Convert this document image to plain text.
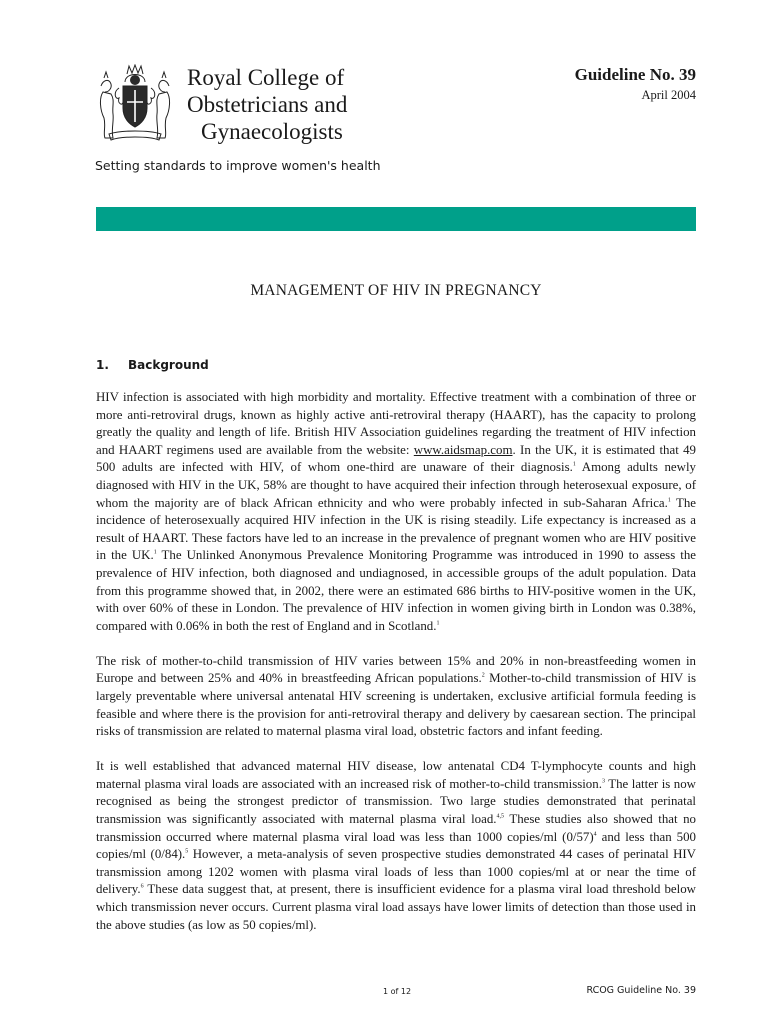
Royal College of
Obstetricians and
Gynaecologists
Setting standards to improve women's health
Guideline No. 39
April 2004
MANAGEMENT OF HIV IN PREGNANCY
1. Background

HIV infection is associated with high morbidity and mortality. Effective treatment with a combination of three or more anti-retroviral drugs, known as highly active anti-retroviral therapy (HAART), has the capacity to prolong greatly the quality and length of life. British HIV Association guidelines regarding the treatment of HIV infection and HAART regimens used are available from the website: www.aidsmap.com. In the UK, it is estimated that 49 500 adults are infected with HIV, of whom one-third are unaware of their diagnosis.$^1$ Among adults newly diagnosed with HIV in the UK, 58% are thought to have acquired their infection through heterosexual exposure, of whom the majority are of black African ethnicity and who were probably infected in sub-Saharan Africa.$^1$ The incidence of heterosexually acquired HIV infection in the UK is rising steadily. Life expectancy is increased as a result of HAART. These factors have led to an increase in the prevalence of pregnant women who are HIV positive in the UK.$^1$ The Unlinked Anonymous Prevalence Monitoring Programme was introduced in 1990 to assess the prevalence of HIV infection, both diagnosed and undiagnosed, in accessible groups of the adult population. Data from this programme showed that, in 2002, there were an estimated 686 births to HIV-positive women in the UK, with over 60% of these in London. The prevalence of HIV infection in women giving birth in London was 0.38%, compared with 0.06% in both the rest of England and in Scotland.$^1$

The risk of mother-to-child transmission of HIV varies between 15% and 20% in non-breastfeeding women in Europe and between 25% and 40% in breastfeeding African populations.$^2$ Mother-to-child transmission of HIV is largely preventable where universal antenatal HIV screening is undertaken, exclusive artificial formula feeding is feasible and where there is the provision for anti-retroviral therapy and delivery by caesarean section. The principal risks of transmission are related to maternal plasma viral load, obstetric factors and infant feeding.

It is well established that advanced maternal HIV disease, low antenatal CD4 T-lymphocyte counts and high maternal plasma viral loads are associated with an increased risk of mother-to-child transmission.$^3$ The latter is now recognised as being the strongest predictor of transmission. Two large studies demonstrated that perinatal transmission was significantly associated with maternal plasma viral load.$^{4,5}$ These studies also showed that no transmission occurred where maternal plasma viral load was less than 1000 copies/ml $(0/57)^4$ and less than 500 copies/ml (0/84).$^5$ However, a meta-analysis of seven prospective studies demonstrated 44 cases of perinatal HIV transmission among 1202 women with plasma viral loads of less than 1000 copies/ml at or near the time of delivery.$^6$ These data suggest that, at present, there is insufficient evidence for a plasma viral load threshold below which transmission never occurs. Current plasma viral load assays have lower limits of detection than those used in the above studies (as low as 50 copies/ml).

1 of 12	RCOG Guideline No. 39
